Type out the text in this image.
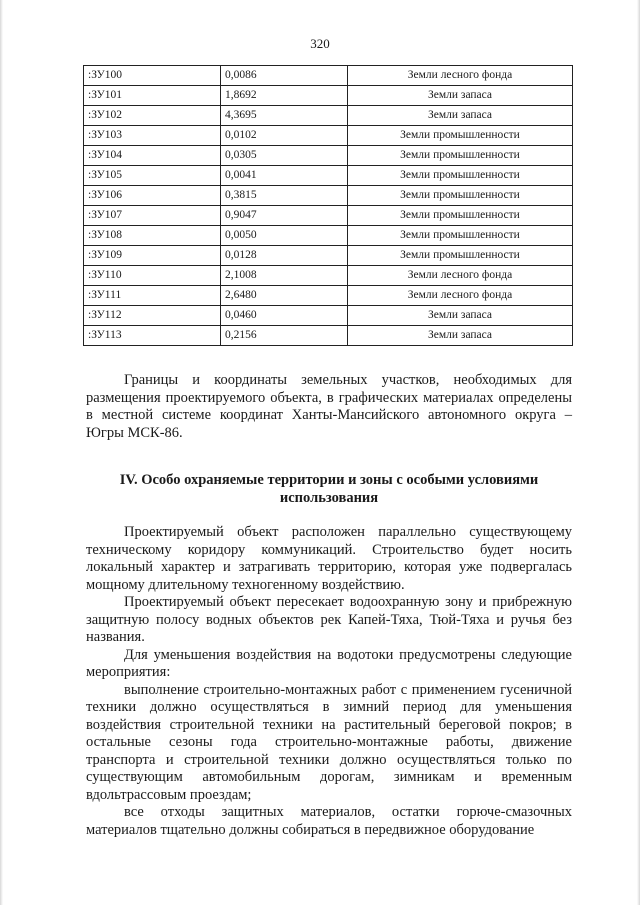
320
:ЗУ100	0,0086	Земли лесного фонда
:ЗУ101	1,8692	Земли запаса
:ЗУ102	4,3695	Земли запаса
:ЗУ103	0,0102	Земли промышленности
:ЗУ104	0,0305	Земли промышленности
:ЗУ105	0,0041	Земли промышленности
:ЗУ106	0,3815	Земли промышленности
:ЗУ107	0,9047	Земли промышленности
:ЗУ108	0,0050	Земли промышленности
:ЗУ109	0,0128	Земли промышленности
:ЗУ110	2,1008	Земли лесного фонда
:ЗУ111	2,6480	Земли лесного фонда
:ЗУ112	0,0460	Земли запаса
:ЗУ113	0,2156	Земли запаса

Границы и координаты земельных участков, необходимых для размещения проектируемого объекта, в графических материалах определены в местной системе координат Ханты-Мансийского автономного округа – Югры МСК-86.

IV. Особо охраняемые территории и зоны с особыми условиями использования

Проектируемый объект расположен параллельно существующему техническому коридору коммуникаций. Строительство будет носить локальный характер и затрагивать территорию, которая уже подвергалась мощному длительному техногенному воздействию.

Проектируемый объект пересекает водоохранную зону и прибрежную защитную полосу водных объектов рек Капей-Тяха, Тюй-Тяха и ручья без названия.

Для уменьшения воздействия на водотоки предусмотрены следующие мероприятия:

выполнение строительно-монтажных работ с применением гусеничной техники должно осуществляться в зимний период для уменьшения воздействия строительной техники на растительный береговой покров; в остальные сезоны года строительно-монтажные работы, движение транспорта и строительной техники должно осуществляться только по существующим автомобильным дорогам, зимникам и временным вдольтрассовым проездам;

все отходы защитных материалов, остатки горюче-смазочных материалов тщательно должны собираться в передвижное оборудование
